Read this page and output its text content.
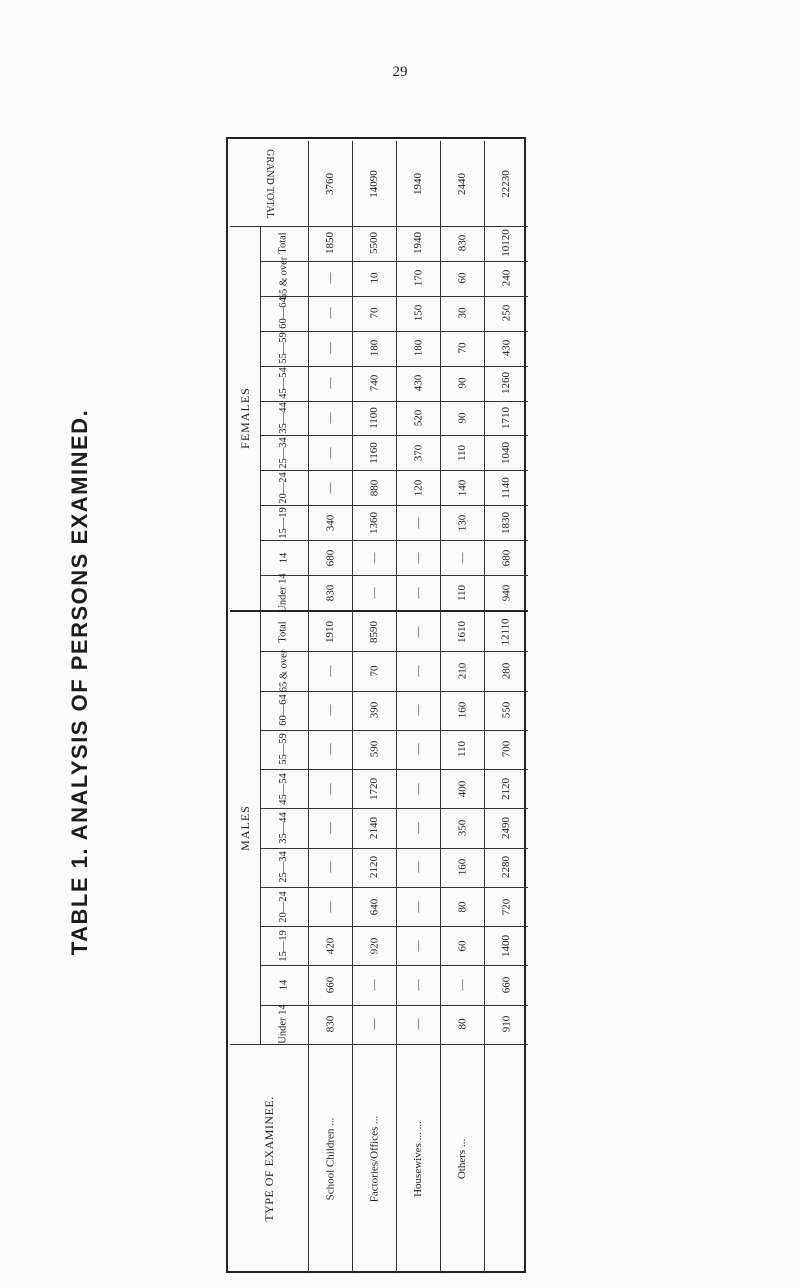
29
TABLE 1. ANALYSIS OF PERSONS EXAMINED.
GRAND TOTAL	3760	14090	1940	2440	22230
FEMALES
MALES
Total	1850	5500	1940	830	10120
65 & over	—	10	170	60	240
60—64	—	70	150	30	250
55—59	—	180	180	70	430
45—54	—	740	430	90	1260
35—44	—	1100	520	90	1710
25—34	—	1160	370	110	1040
20—24	—	880	120	140	1140
15—19	340	1360	—	130	1830
14	680	—	—	—	680
Under 14	830	—	—	110	940
Total	1910	8590	—	1610	12110
65 & over	—	70	—	210	280
60—64	—	390	—	160	550
55—59	—	590	—	110	700
45—54	—	1720	—	400	2120
35—44	—	2140	—	350	2490
25—34	—	2120	—	160	2280
20—24	—	640	—	80	720
15—19	420	920	—	60	1400
14	660	—	—	—	660
Under 14	830	—	—	80	910
TYPE OF EXAMINEE.	School Children ...	Factories/Offices ...	Housewives ... ...	Others ...
